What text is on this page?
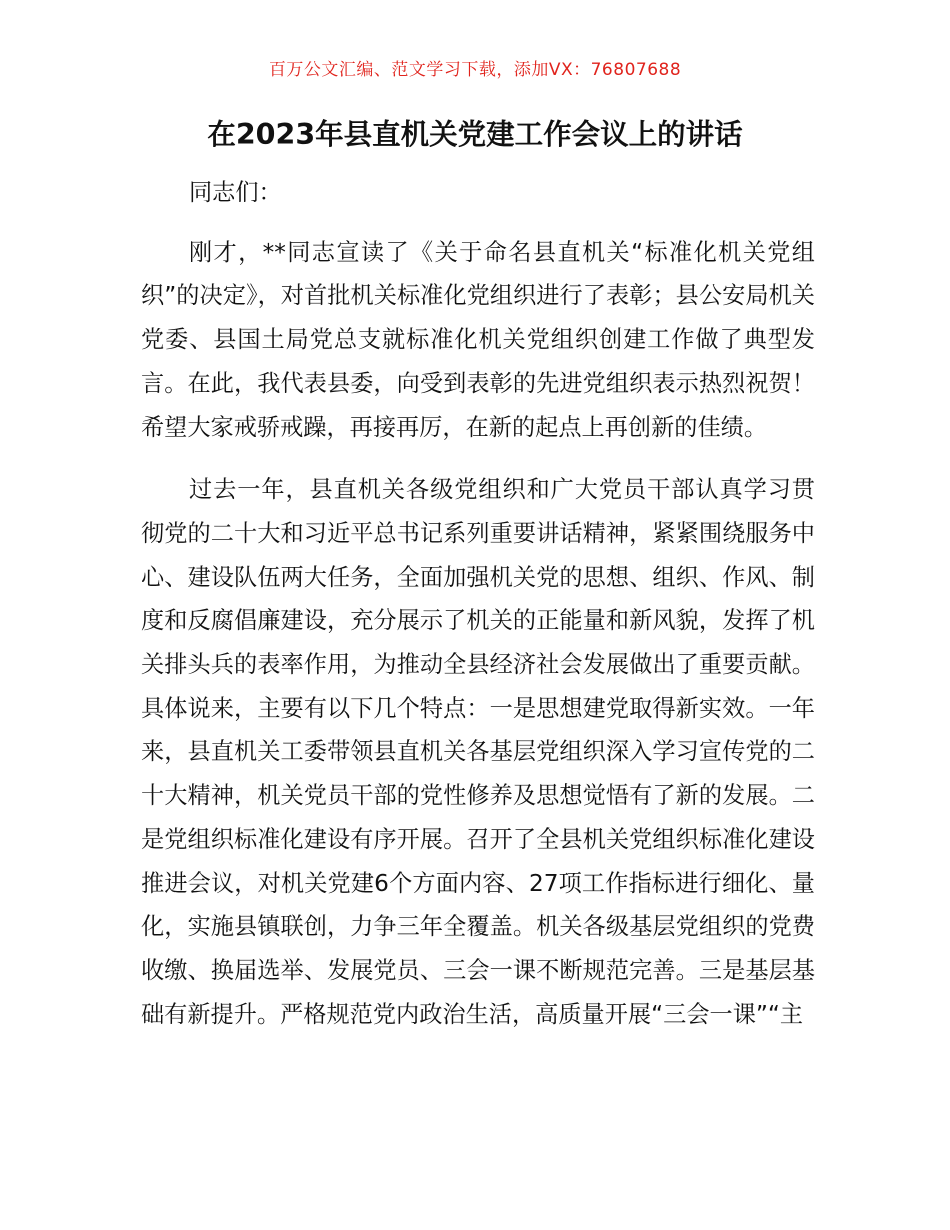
百万公文汇编、范文学习下载，添加VX：76807688
在2023年县直机关党建工作会议上的讲话

同志们：

刚才，**同志宣读了《关于命名县直机关“标准化机关党组织”的决定》，对首批机关标准化党组织进行了表彰；县公安局机关党委、县国土局党总支就标准化机关党组织创建工作做了典型发言。在此，我代表县委，向受到表彰的先进党组织表示热烈祝贺！希望大家戒骄戒躁，再接再厉，在新的起点上再创新的佳绩。

过去一年，县直机关各级党组织和广大党员干部认真学习贯彻党的二十大和习近平总书记系列重要讲话精神，紧紧围绕服务中心、建设队伍两大任务，全面加强机关党的思想、组织、作风、制度和反腐倡廉建设，充分展示了机关的正能量和新风貌，发挥了机关排头兵的表率作用，为推动全县经济社会发展做出了重要贡献。具体说来，主要有以下几个特点：一是思想建党取得新实效。一年来，县直机关工委带领县直机关各基层党组织深入学习宣传党的二十大精神，机关党员干部的党性修养及思想觉悟有了新的发展。二是党组织标准化建设有序开展。召开了全县机关党组织标准化建设推进会议，对机关党建6个方面内容、27项工作指标进行细化、量化，实施县镇联创，力争三年全覆盖。机关各级基层党组织的党费收缴、换届选举、发展党员、三会一课不断规范完善。三是基层基础有新提升。严格规范党内政治生活，高质量开展“三会一课”“主
